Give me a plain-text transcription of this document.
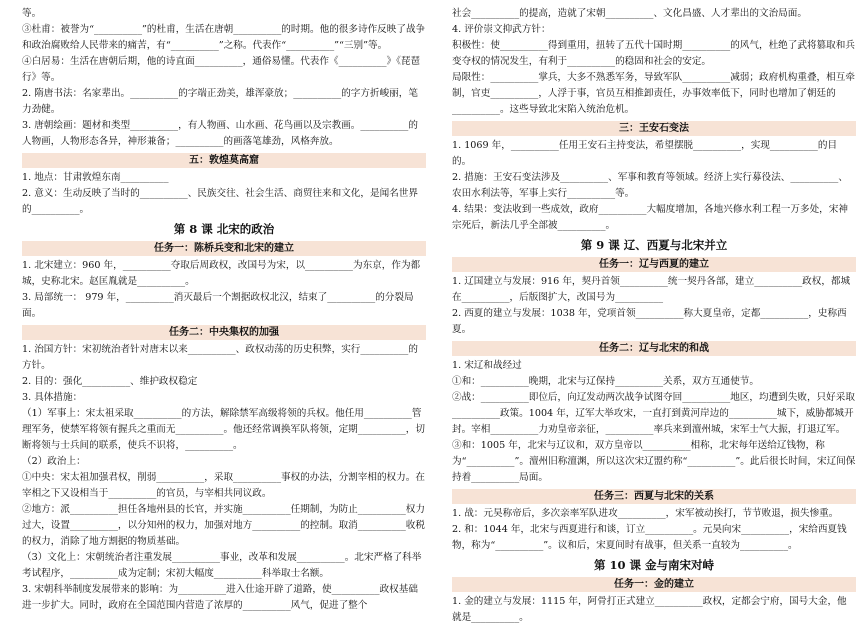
等。

③杜甫：被誉为“__________”的杜甫，生活在唐朝__________的时期。他的很多诗作反映了战争和政治腐败给人民带来的痛苦，有“__________”之称。代表作“__________”“三别”等。

④白居易：生活在唐朝后期，他的诗直面__________，通俗易懂。代表作《__________》《琵琶行》等。

2. 隋唐书法：名家辈出。__________的字端正劲美，雄浑豪放；__________的字方折峻丽，笔力劲健。

3. 唐朝绘画：题材和类型__________，有人物画、山水画、花鸟画以及宗教画。__________的人物画，人物形态各异，神形兼备；__________的画落笔雄劲，风格奔放。

五：敦煌莫高窟

1. 地点：甘肃敦煌东南__________

2. 意义：生动反映了当时的__________、民族交往、社会生活、商贸往来和文化，是闻名世界的__________。

第 8 课 北宋的政治
任务一：陈桥兵变和北宋的建立

1. 北宋建立：960 年，__________夺取后周政权，改国号为宋，以__________为东京，作为都城，史称北宋。赵匡胤就是__________。

3. 局部统一： 979 年，__________消灭最后一个割据政权北汉，结束了__________的分裂局面。

任务二：中央集权的加强

1. 治国方针：宋初统治者针对唐末以来__________、政权动荡的历史积弊，实行__________的方针。

2. 目的：强化__________、维护政权稳定

3. 具体措施：

（1）军事上：宋太祖采取__________的方法，解除禁军高级将领的兵权。他任用__________管理军务，使禁军将领有握兵之重而无__________。他还经常调换军队将领，定期__________，切断将领与士兵间的联系，使兵不识将，__________。

（2）政治上：

①中央：宋太祖加强君权，削弱__________，采取__________事权的办法，分割宰相的权力。在宰相之下又设相当于__________的官员，与宰相共同议政。

②地方：派__________担任各地州县的长官，并实施__________任期制，为防止__________权力过大，设置__________，以分知州的权力，加强对地方__________的控制。取消__________收税的权力，消除了地方割据的物质基础。

（3）文化上：宋朝统治者注重发展__________事业，改革和发展__________。北宋严格了科举考试程序，__________成为定制；宋初大幅度__________科举取士名额。

3. 宋朝科举制度发展带来的影响：为__________进入仕途开辟了道路，使__________政权基础进一步扩大。同时，政府在全国范围内营造了浓厚的__________风气，促进了整个

社会__________的提高，造就了宋朝__________、文化昌盛、人才辈出的文治局面。

4. 评价崇文抑武方针：

积极性：使__________得到重用，扭转了五代十国时期__________的风气，杜绝了武将篡取和兵变夺权的情况发生，有利于__________的稳固和社会的安定。

局限性：__________掌兵，大多不熟悉军务，导致军队__________减弱；政府机构重叠，相互牵制，官吏__________，人浮于事，官员互相推卸责任，办事效率低下，同时也增加了朝廷的__________。这些导致北宋陷入统治危机。

三：王安石变法

1. 1069 年，__________任用王安石主持变法，希望摆脱__________，实现__________的目的。

2. 措施：王安石变法涉及__________、军事和教育等领域。经济上实行募役法、__________、农田水利法等，军事上实行__________等。

4. 结果：变法收到一些成效，政府__________大幅度增加，各地兴修水利工程一万多处，宋神宗死后，新法几乎全部被__________。

第 9 课 辽、西夏与北宋并立
任务一：辽与西夏的建立

1. 辽国建立与发展：916 年，契丹首领__________统一契丹各部，建立__________政权，都城在__________，后版图扩大，改国号为__________

2. 西夏的建立与发展：1038 年，党项首领__________称大夏皇帝，定都__________，史称西夏。

任务二：辽与北宋的和战

1. 宋辽和战经过

①和：__________晚期，北宋与辽保持__________关系，双方互通使节。

②战：__________即位后，向辽发动两次战争试图夺回__________地区，均遭到失败，只好采取__________政策。1004 年，辽军大举攻宋，一直打到黄河岸边的__________城下，威胁都城开封。宰相__________力劝皇帝亲征，__________率兵来到澶州城，宋军士气大振，打退辽军。

③和：1005 年，北宋与辽议和，双方皇帝以__________相称，北宋每年送给辽钱物，称为“__________”。澶州旧称澶渊，所以这次宋辽盟约称“__________”。此后很长时间，宋辽间保持着__________局面。

任务三：西夏与北宋的关系

1. 战：元昊称帝后，多次亲率军队进攻__________，宋军被动挨打，节节败退，损失惨重。

2. 和：1044 年，北宋与西夏进行和谈，订立__________。元昊向宋__________，宋给西夏钱物，称为“__________”。议和后，宋夏间时有战事，但关系一直较为__________。

第 10 课 金与南宋对峙
任务一：金的建立

1. 金的建立与发展：1115 年，阿骨打正式建立__________政权，定都会宁府，国号大金，他就是__________。
